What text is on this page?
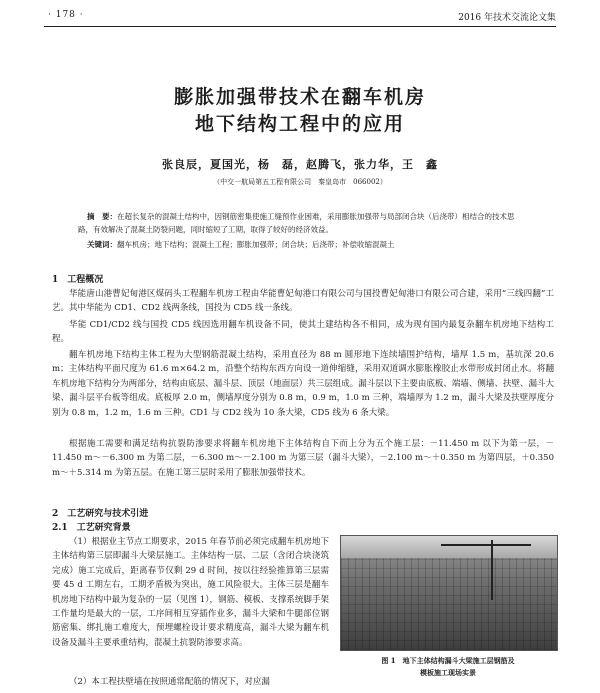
· 178 ·	2016 年技术交流论文集
膨胀加强带技术在翻车机房
地下结构工程中的应用
张良辰，夏国光，杨　磊，赵腾飞，张力华，王　鑫
（中交一航局第五工程有限公司　秦皇岛市　066002）

摘　要：在超长复杂的混凝土结构中，因钢筋密集使施工缝预作业困难，采用膨胀加强带与局部闭合块（后浇带）相结合的技术思路，有效解决了混凝土防裂问题，同时缩短了工期，取得了较好的经济效益。

关键词：翻车机房；地下结构；混凝土工程；膨胀加强带；闭合块；后浇带；补偿收缩混凝土

1　工程概况

华能唐山港曹妃甸港区煤码头工程翻车机房工程由华能曹妃甸港口有限公司与国投曹妃甸港口有限公司合建，采用“三线四翻”工艺。其中华能为 CD1、CD2 线两条线，国投为 CD5 线一条线。

华能 CD1/CD2 线与国投 CD5 线因选用翻车机设备不同，使其土建结构各不相同，成为现有国内最复杂翻车机房地下结构工程。

翻车机房地下结构主体工程为大型钢筋混凝土结构，采用直径为 88 m 圆形地下连续墙围护结构，墙厚 1.5 m，基坑深 20.6 m；主体结构平面尺度为 61.6 m×64.2 m，沿整个结构东西方向设一道伸缩缝，采用双道调水膨胀橡胶止水带形成封闭止水。将翻车机房地下结构分为两部分，结构由底层、漏斗层、顶层（地面层）共三层组成。漏斗层以下主要由底板、端墙、侧墙、扶壁、漏斗大梁、漏斗层平台板等组成。底板厚 2.0 m，侧墙厚度分别为 0.8 m，0.9 m，1.0 m 三种，端墙厚为 1.2 m，漏斗大梁及扶壁厚度分别为 0.8 m，1.2 m，1.6 m 三种。CD1 与 CD2 线为 10 条大梁，CD5 线为 6 条大梁。

根据施工需要和满足结构抗裂防渗要求将翻车机房地下主体结构自下而上分为五个施工层：－11.450 m 以下为第一层，－11.450 m～－6.300 m 为第二层，－6.300 m～－2.100 m 为第三层（漏斗大梁），－2.100 m～＋0.350 m 为第四层，＋0.350 m～＋5.314 m 为第五层。在施工第三层时采用了膨胀加强带技术。

2　工艺研究与技术引进
2.1　工艺研究背景

（1）根据业主节点工期要求，2015 年春节前必须完成翻车机房地下主体结构第三层即漏斗大梁层施工。主体结构一层、二层（含闭合块浇筑完成）施工完成后，距离春节仅剩 29 d 时间，按以往经验推算第三层需要 45 d 工期左右，工期矛盾极为突出，施工风险很大。主体三层是翻车机房地下结构中最为复杂的一层（见图 1），钢筋、模板、支撑系统脚手架工作量均是最大的一层，工序间相互穿插作业多，漏斗大梁和牛腿部位钢筋密集、绑扎施工难度大，预埋螺栓设计要求精度高，漏斗大梁为翻车机设备及漏斗主要承重结构，混凝土抗裂防渗要求高。

（2）本工程扶壁墙在按照通常配筋的情况下，对应漏

图 1　地下主体结构漏斗大梁施工层钢筋及
模板施工现场实景
